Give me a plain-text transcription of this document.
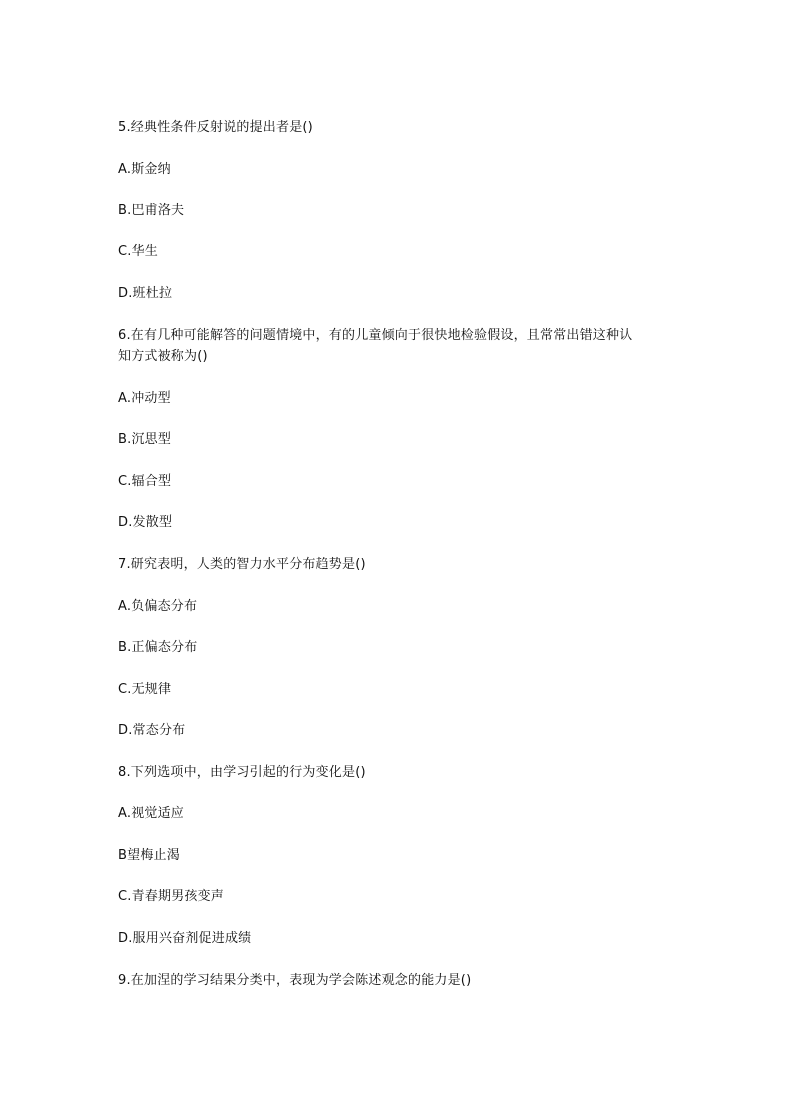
5.经典性条件反射说的提出者是()
A.斯金纳
B.巴甫洛夫
C.华生
D.班杜拉
6.在有几种可能解答的问题情境中，有的儿童倾向于很快地检验假设，且常常出错这种认
知方式被称为()
A.冲动型
B.沉思型
C.辐合型
D.发散型
7.研究表明，人类的智力水平分布趋势是()
A.负偏态分布
B.正偏态分布
C.无规律
D.常态分布
8.下列选项中，由学习引起的行为变化是()
A.视觉适应
B望梅止渴
C.青春期男孩变声
D.服用兴奋剂促进成绩
9.在加涅的学习结果分类中，表现为学会陈述观念的能力是()
